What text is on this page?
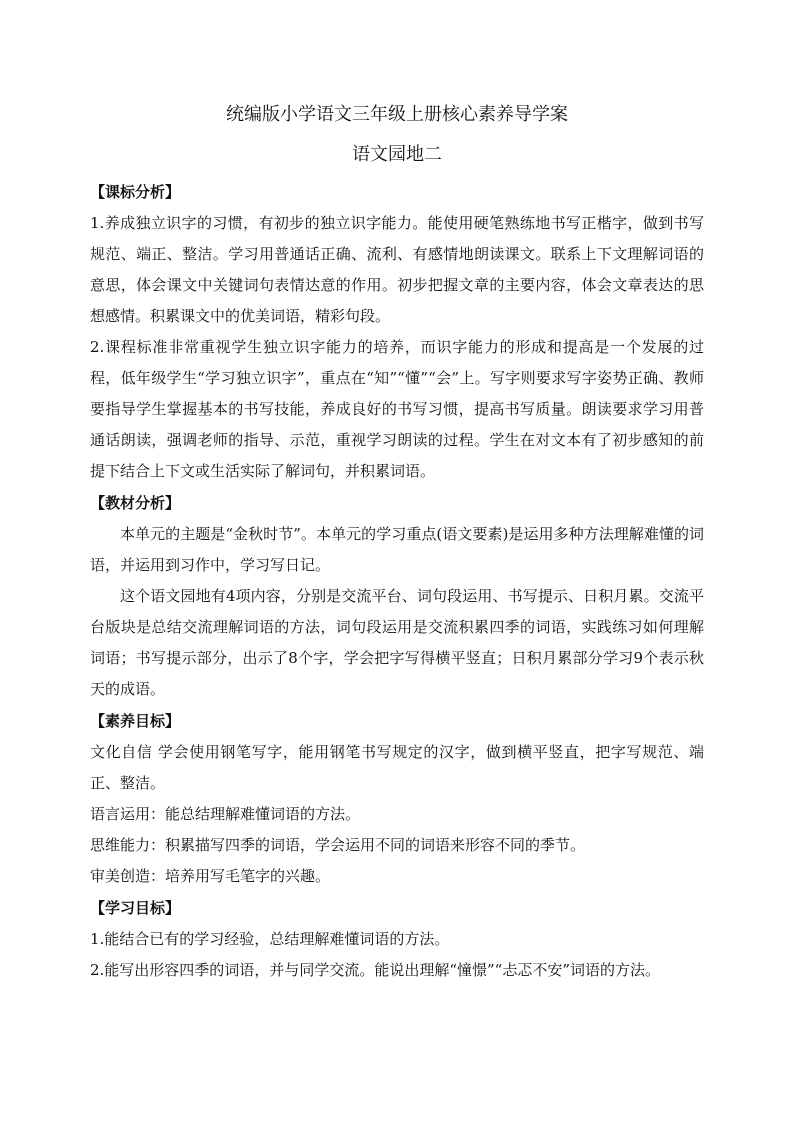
统编版小学语文三年级上册核心素养导学案
语文园地二

【课标分析】

1.养成独立识字的习惯，有初步的独立识字能力。能使用硬笔熟练地书写正楷字，做到书写规范、端正、整洁。学习用普通话正确、流利、有感情地朗读课文。联系上下文理解词语的意思，体会课文中关键词句表情达意的作用。初步把握文章的主要内容，体会文章表达的思想感情。积累课文中的优美词语，精彩句段。

2.课程标准非常重视学生独立识字能力的培养，而识字能力的形成和提高是一个发展的过程，低年级学生“学习独立识字”，重点在“知”“懂”“会”上。写字则要求写字姿势正确、教师要指导学生掌握基本的书写技能，养成良好的书写习惯，提高书写质量。朗读要求学习用普通话朗读，强调老师的指导、示范，重视学习朗读的过程。学生在对文本有了初步感知的前提下结合上下文或生活实际了解词句，并积累词语。

【教材分析】

本单元的主题是“金秋时节”。本单元的学习重点(语文要素)是运用多种方法理解难懂的词语，并运用到习作中，学习写日记。

这个语文园地有4项内容，分别是交流平台、词句段运用、书写提示、日积月累。交流平台版块是总结交流理解词语的方法，词句段运用是交流积累四季的词语，实践练习如何理解词语；书写提示部分，出示了8个字，学会把字写得横平竖直；日积月累部分学习9个表示秋天的成语。

【素养目标】

文化自信 学会使用钢笔写字，能用钢笔书写规定的汉字，做到横平竖直，把字写规范、端正、整洁。

语言运用：能总结理解难懂词语的方法。

思维能力：积累描写四季的词语，学会运用不同的词语来形容不同的季节。

审美创造：培养用写毛笔字的兴趣。

【学习目标】

1.能结合已有的学习经验，总结理解难懂词语的方法。

2.能写出形容四季的词语，并与同学交流。能说出理解“憧憬”“忐忑不安”词语的方法。
